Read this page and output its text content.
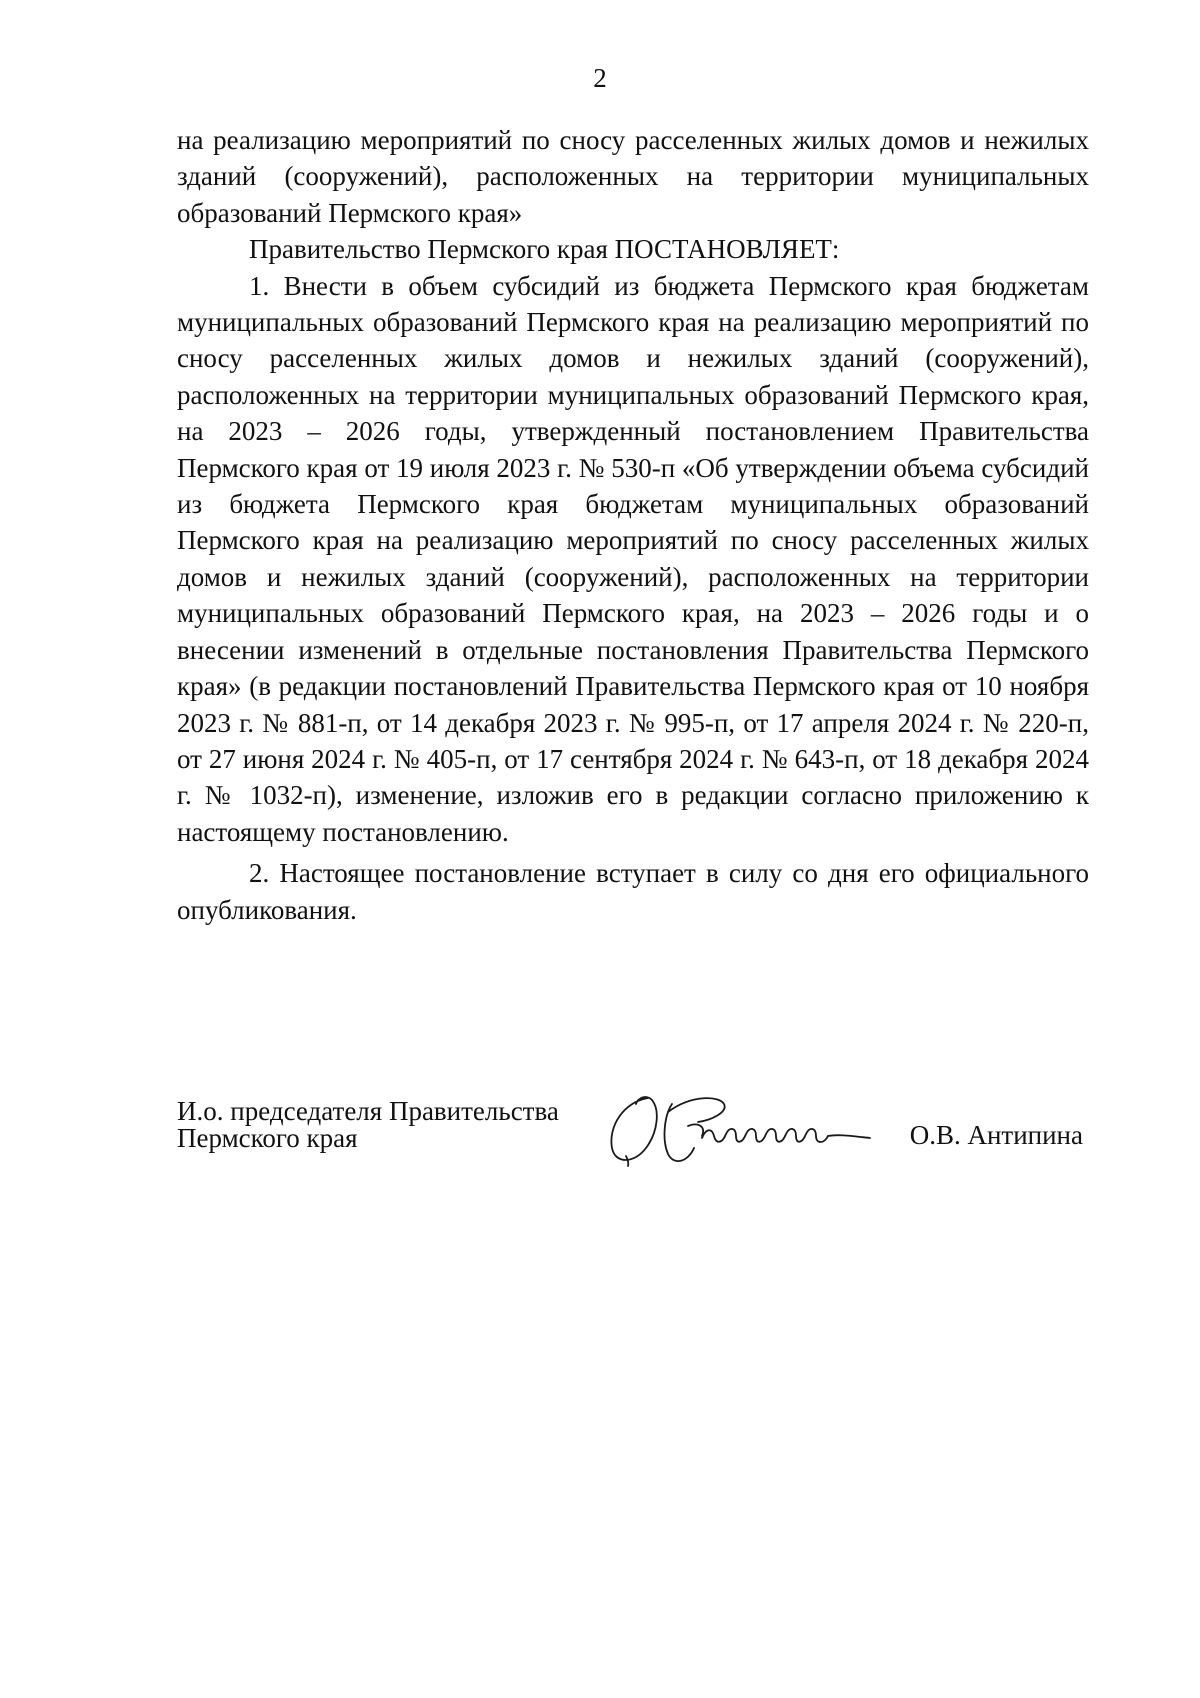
2

на реализацию мероприятий по сносу расселенных жилых домов и нежилых зданий (сооружений), расположенных на территории муниципальных образований Пермского края»

Правительство Пермского края ПОСТАНОВЛЯЕТ:

1. Внести в объем субсидий из бюджета Пермского края бюджетам муниципальных образований Пермского края на реализацию мероприятий по сносу расселенных жилых домов и нежилых зданий (сооружений), расположенных на территории муниципальных образований Пермского края, на 2023 – 2026 годы, утвержденный постановлением Правительства Пермского края от 19 июля 2023 г. № 530-п «Об утверждении объема субсидий из бюджета Пермского края бюджетам муниципальных образований Пермского края на реализацию мероприятий по сносу расселенных жилых домов и нежилых зданий (сооружений), расположенных на территории муниципальных образований Пермского края, на 2023 – 2026 годы и о внесении изменений в отдельные постановления Правительства Пермского края» (в редакции постановлений Правительства Пермского края от 10 ноября 2023 г. № 881-п, от 14 декабря 2023 г. № 995-п, от 17 апреля 2024 г. № 220-п, от 27 июня 2024 г. № 405-п, от 17 сентября 2024 г. № 643-п, от 18 декабря 2024 г. № 1032-п), изменение, изложив его в редакции согласно приложению к настоящему постановлению.

2. Настоящее постановление вступает в силу со дня его официального опубликования.

И.о. председателя Правительства
Пермского края	О.В. Антипина
